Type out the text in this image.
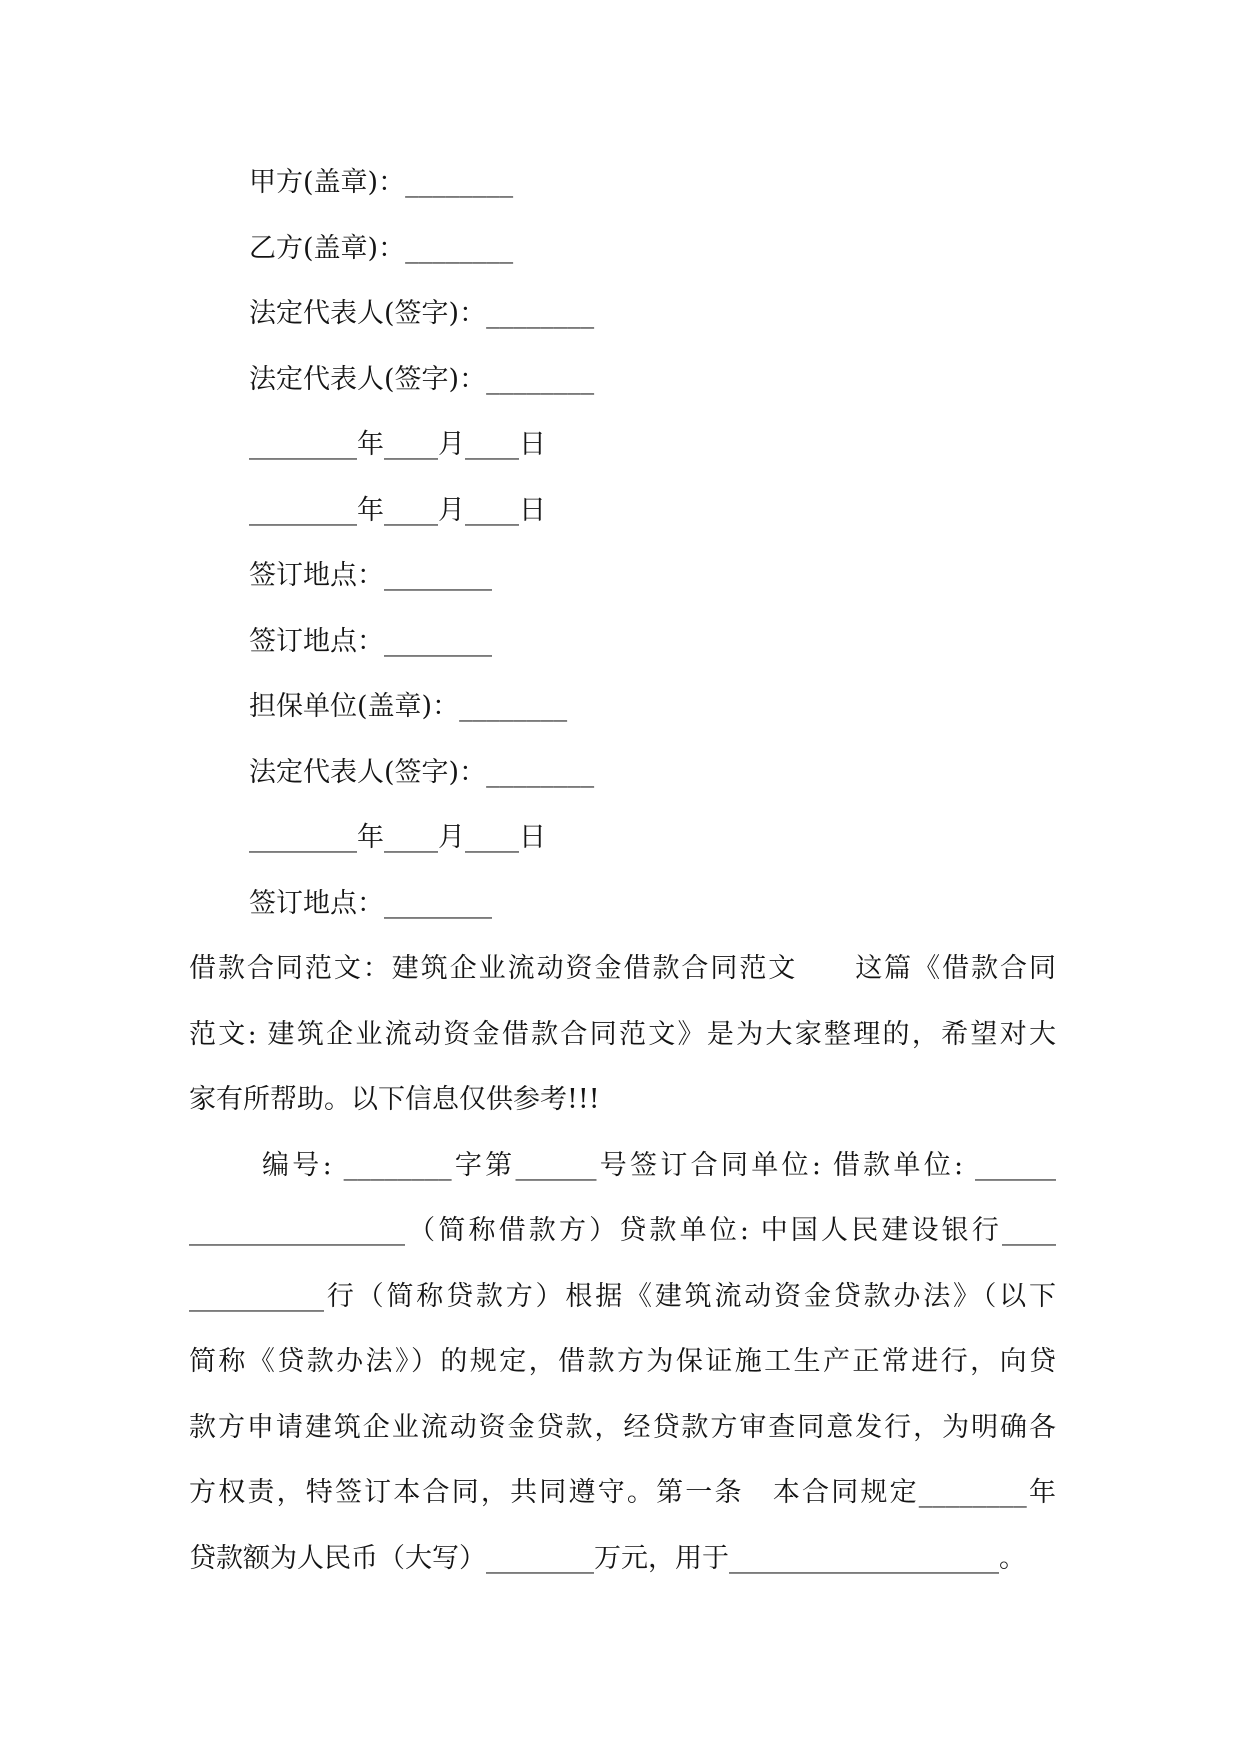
甲方(盖章)：________
乙方(盖章)：________
法定代表人(签字)：________
法定代表人(签字)：________
________年____月____日
________年____月____日
签订地点：________
签订地点：________
担保单位(盖章)：________
法定代表人(签字)：________
________年____月____日
签订地点：________
借款合同范文：建筑企业流动资金借款合同范文　　这篇《借款合同
范文: 建筑企业流动资金借款合同范文》是为大家整理的，希望对大
家有所帮助。以下信息仅供参考!!!
编号: ________字第______号签订合同单位: 借款单位: ______
________________（简称借款方）贷款单位: 中国人民建设银行____
__________行（简称贷款方）根据《建筑流动资金贷款办法》（以下
简称《贷款办法》）的规定，借款方为保证施工生产正常进行，向贷
款方申请建筑企业流动资金贷款，经贷款方审查同意发行，为明确各
方权责，特签订本合同，共同遵守。第一条　本合同规定________年
贷款额为人民币（大写）________万元，用于____________________。
